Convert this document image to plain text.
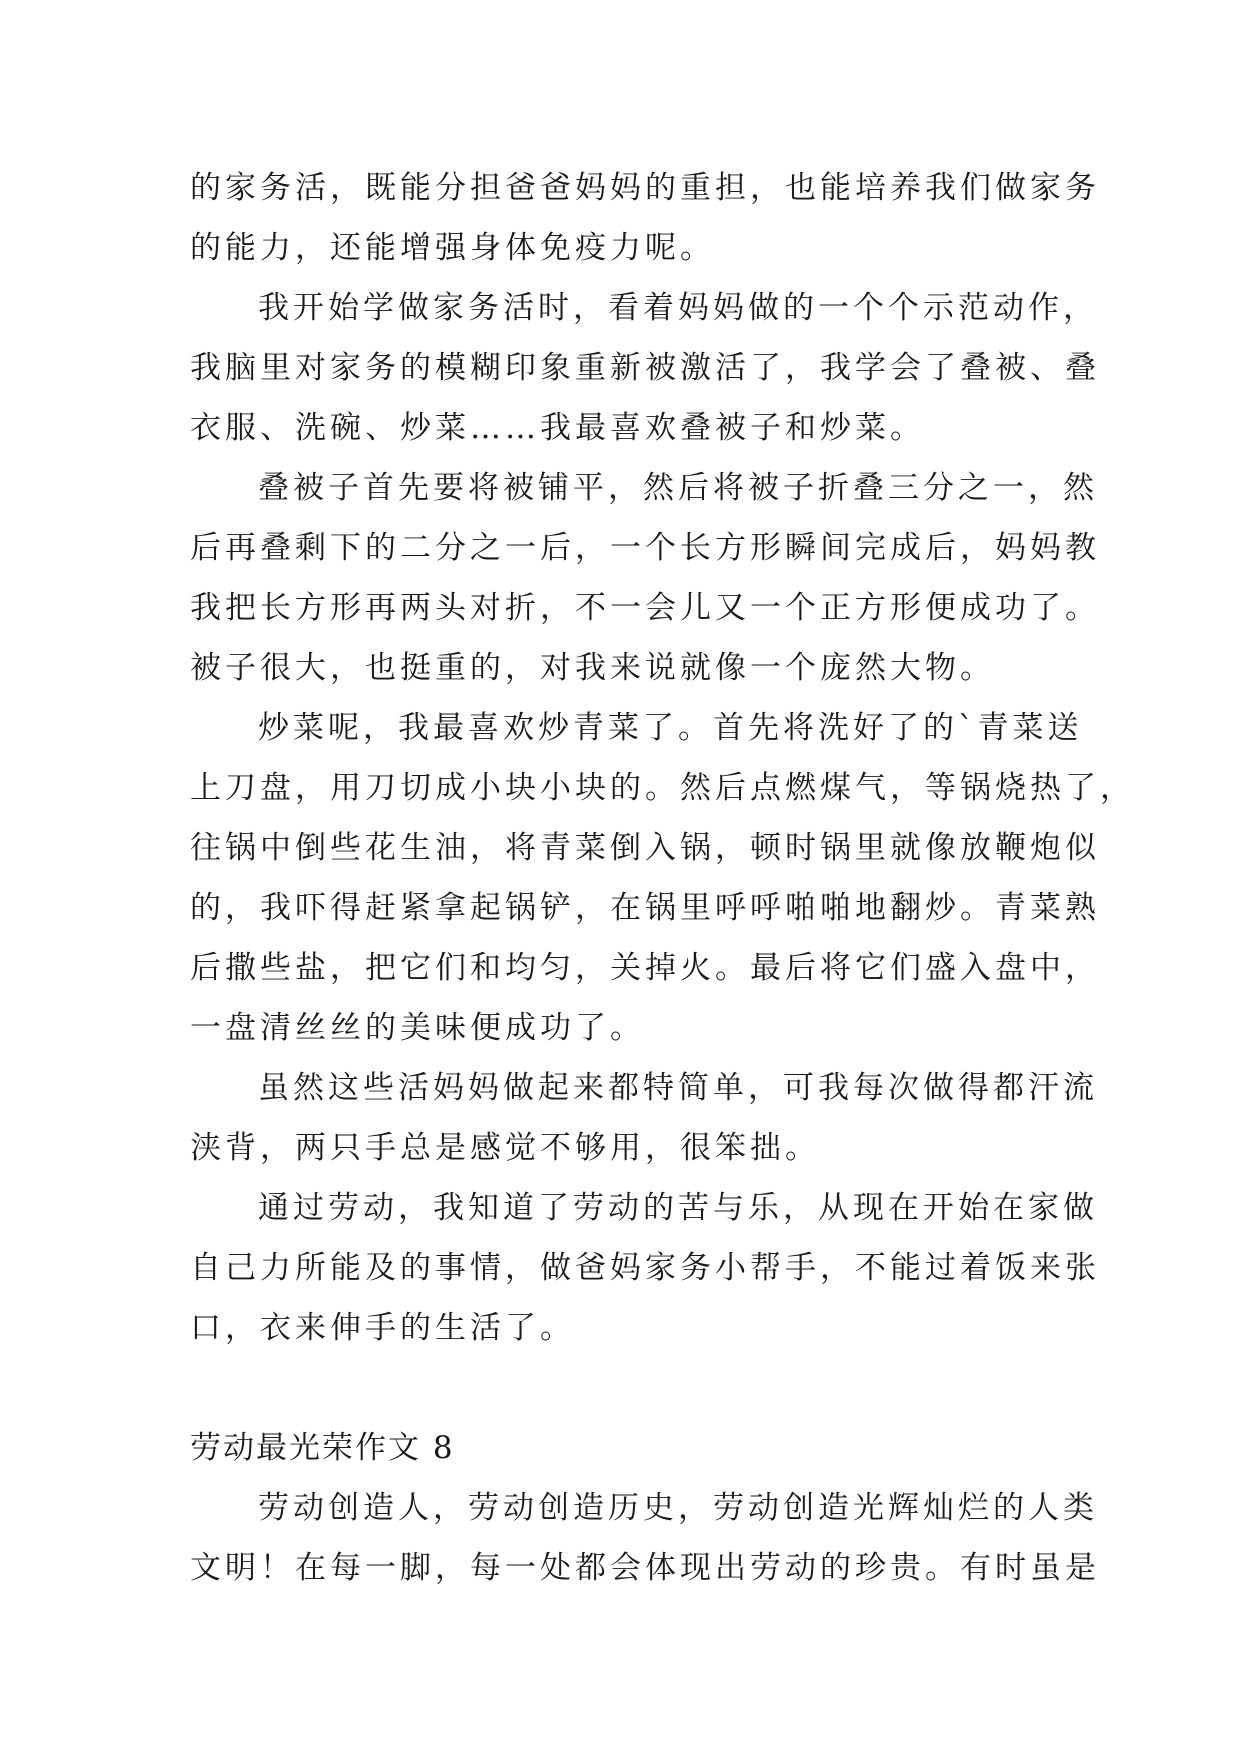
的家务活，既能分担爸爸妈妈的重担，也能培养我们做家务
的能力，还能增强身体免疫力呢。
我开始学做家务活时，看着妈妈做的一个个示范动作，
我脑里对家务的模糊印象重新被激活了，我学会了叠被、叠
衣服、洗碗、炒菜……我最喜欢叠被子和炒菜。
叠被子首先要将被铺平，然后将被子折叠三分之一，然
后再叠剩下的二分之一后，一个长方形瞬间完成后，妈妈教
我把长方形再两头对折，不一会儿又一个正方形便成功了。
被子很大，也挺重的，对我来说就像一个庞然大物。
炒菜呢，我最喜欢炒青菜了。首先将洗好了的`青菜送
上刀盘，用刀切成小块小块的。然后点燃煤气，等锅烧热了，
往锅中倒些花生油，将青菜倒入锅，顿时锅里就像放鞭炮似
的，我吓得赶紧拿起锅铲，在锅里呼呼啪啪地翻炒。青菜熟
后撒些盐，把它们和均匀，关掉火。最后将它们盛入盘中，
一盘清丝丝的美味便成功了。
虽然这些活妈妈做起来都特简单，可我每次做得都汗流
浃背，两只手总是感觉不够用，很笨拙。
通过劳动，我知道了劳动的苦与乐，从现在开始在家做
自己力所能及的事情，做爸妈家务小帮手，不能过着饭来张
口，衣来伸手的生活了。
劳动最光荣作文 8
劳动创造人，劳动创造历史，劳动创造光辉灿烂的人类
文明！在每一脚，每一处都会体现出劳动的珍贵。有时虽是
